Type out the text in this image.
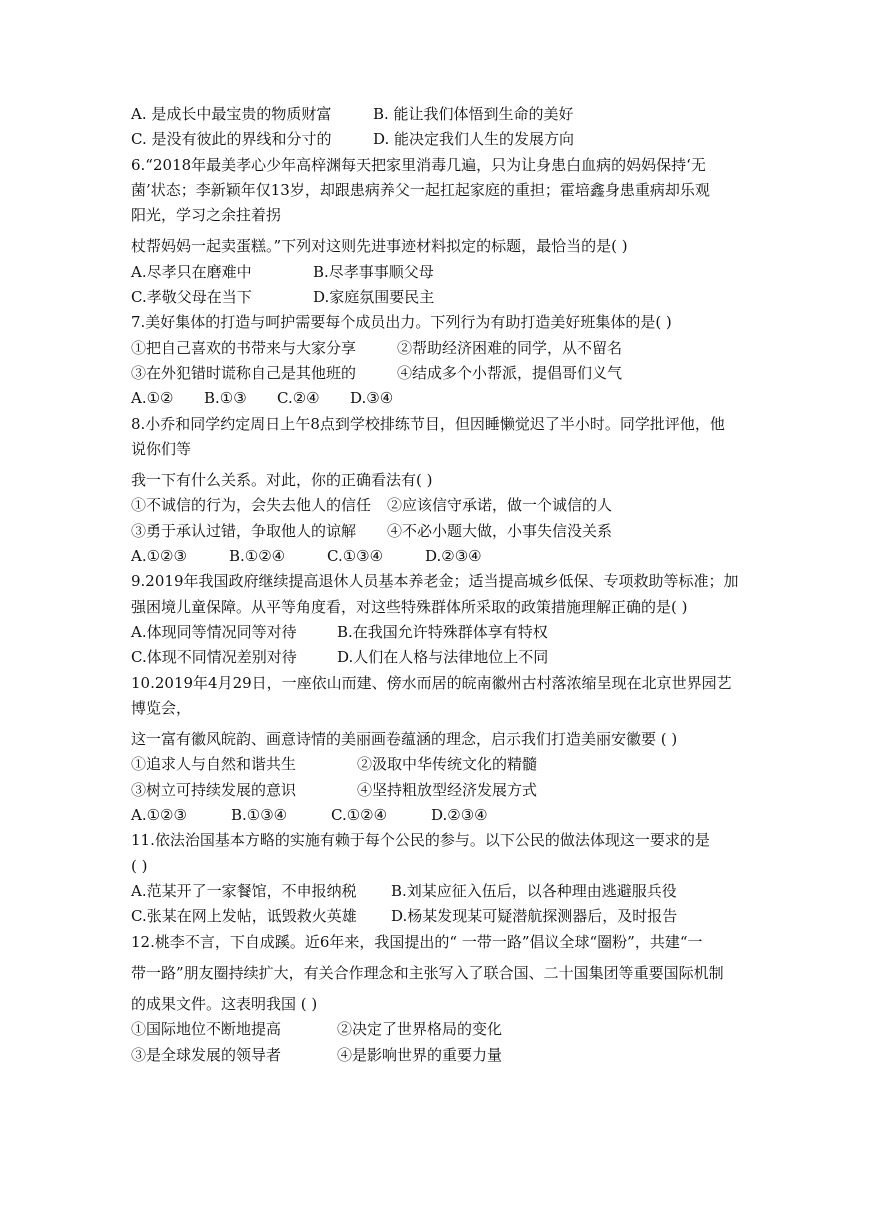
A. 是成长中最宝贵的物质财富	B. 能让我们体悟到生命的美好
C. 是没有彼此的界线和分寸的	D. 能决定我们人生的发展方向
6.“2018年最美孝心少年高梓渊每天把家里消毒几遍，只为让身患白血病的妈妈保持‘无
菌’状态；李新颖年仅13岁，却跟患病养父一起扛起家庭的重担；霍培鑫身患重病却乐观
阳光，学习之余拄着拐
杖帮妈妈一起卖蛋糕。”下列对这则先进事迹材料拟定的标题，最恰当的是( )
A.尽孝只在磨难中	B.尽孝事事顺父母
C.孝敬父母在当下	D.家庭氛围要民主
7.美好集体的打造与呵护需要每个成员出力。下列行为有助打造美好班集体的是( )
①把自己喜欢的书带来与大家分享	②帮助经济困难的同学，从不留名
③在外犯错时谎称自己是其他班的	④结成多个小帮派，提倡哥们义气
A.①② B.①③ C.②④ D.③④
8.小乔和同学约定周日上午8点到学校排练节目，但因睡懒觉迟了半小时。同学批评他，他
说你们等
我一下有什么关系。对此，你的正确看法有( )
①不诚信的行为，会失去他人的信任 ②应该信守承诺，做一个诚信的人
③勇于承认过错，争取他人的谅解 ④不必小题大做，小事失信没关系
A.①②③	B.①②④	C.①③④	D.②③④
9.2019年我国政府继续提高退休人员基本养老金；适当提高城乡低保、专项救助等标准；加
强困境儿童保障。从平等角度看，对这些特殊群体所采取的政策措施理解正确的是( )
A.体现同等情况同等对待	B.在我国允许特殊群体享有特权
C.体现不同情况差别对待	D.人们在人格与法律地位上不同
10.2019年4月29日，一座依山而建、傍水而居的皖南徽州古村落浓缩呈现在北京世界园艺
博览会，
这一富有徽风皖韵、画意诗情的美丽画卷蕴涵的理念，启示我们打造美丽安徽要 ( )
①追求人与自然和谐共生	②汲取中华传统文化的精髓
③树立可持续发展的意识	④坚持粗放型经济发展方式
A.①②③	B.①③④	C.①②④	D.②③④
11.依法治国基本方略的实施有赖于每个公民的参与。以下公民的做法体现这一要求的是
( )
A.范某开了一家餐馆，不申报纳税 B.刘某应征入伍后，以各种理由逃避服兵役
C.张某在网上发帖，诋毁救火英雄 D.杨某发现某可疑潜航探测器后，及时报告
12.桃李不言，下自成蹊。近6年来，我国提出的“ 一带一路”倡议全球“圈粉”，共建“一
带一路”朋友圈持续扩大，有关合作理念和主张写入了联合国、二十国集团等重要国际机制
的成果文件。这表明我国 ( )
①国际地位不断地提高	②决定了世界格局的变化
③是全球发展的领导者	④是影响世界的重要力量
